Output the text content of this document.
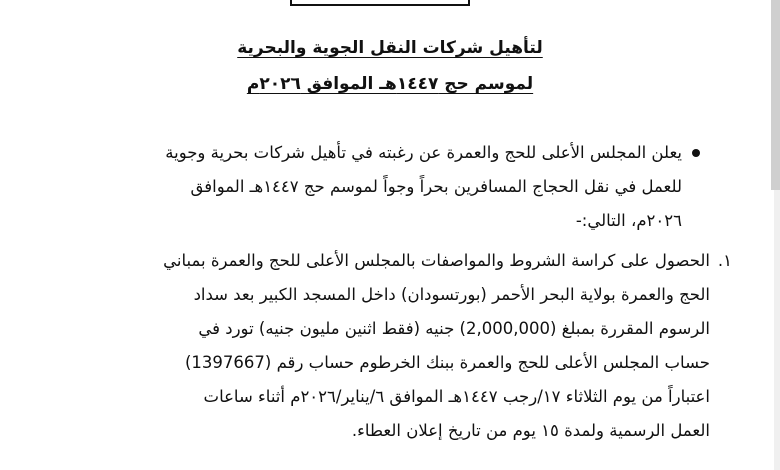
لتأهيل شركات النقل الجوية والبحرية
لموسم حج ١٤٤٧هـ الموافق ٢٠٢٦م
يعلن المجلس الأعلى للحج والعمرة عن رغبته في تأهيل شركات بحرية وجوية
للعمل في نقل الحجاج المسافرين بحراً وجواً لموسم حج ١٤٤٧هـ الموافق
٢٠٢٦م، التالي:-
١.
الحصول على كراسة الشروط والمواصفات بالمجلس الأعلى للحج والعمرة بمباني
الحج والعمرة بولاية البحر الأحمر (بورتسودان) داخل المسجد الكبير بعد سداد
الرسوم المقررة بمبلغ (2,000,000) جنيه (فقط اثنين مليون جنيه) تورد في
حساب المجلس الأعلى للحج والعمرة ببنك الخرطوم حساب رقم (1397667)
اعتباراً من يوم الثلاثاء ١٧/رجب ١٤٤٧هـ الموافق ٦/يناير/٢٠٢٦م أثناء ساعات
العمل الرسمية ولمدة ١٥ يوم من تاريخ إعلان العطاء.
